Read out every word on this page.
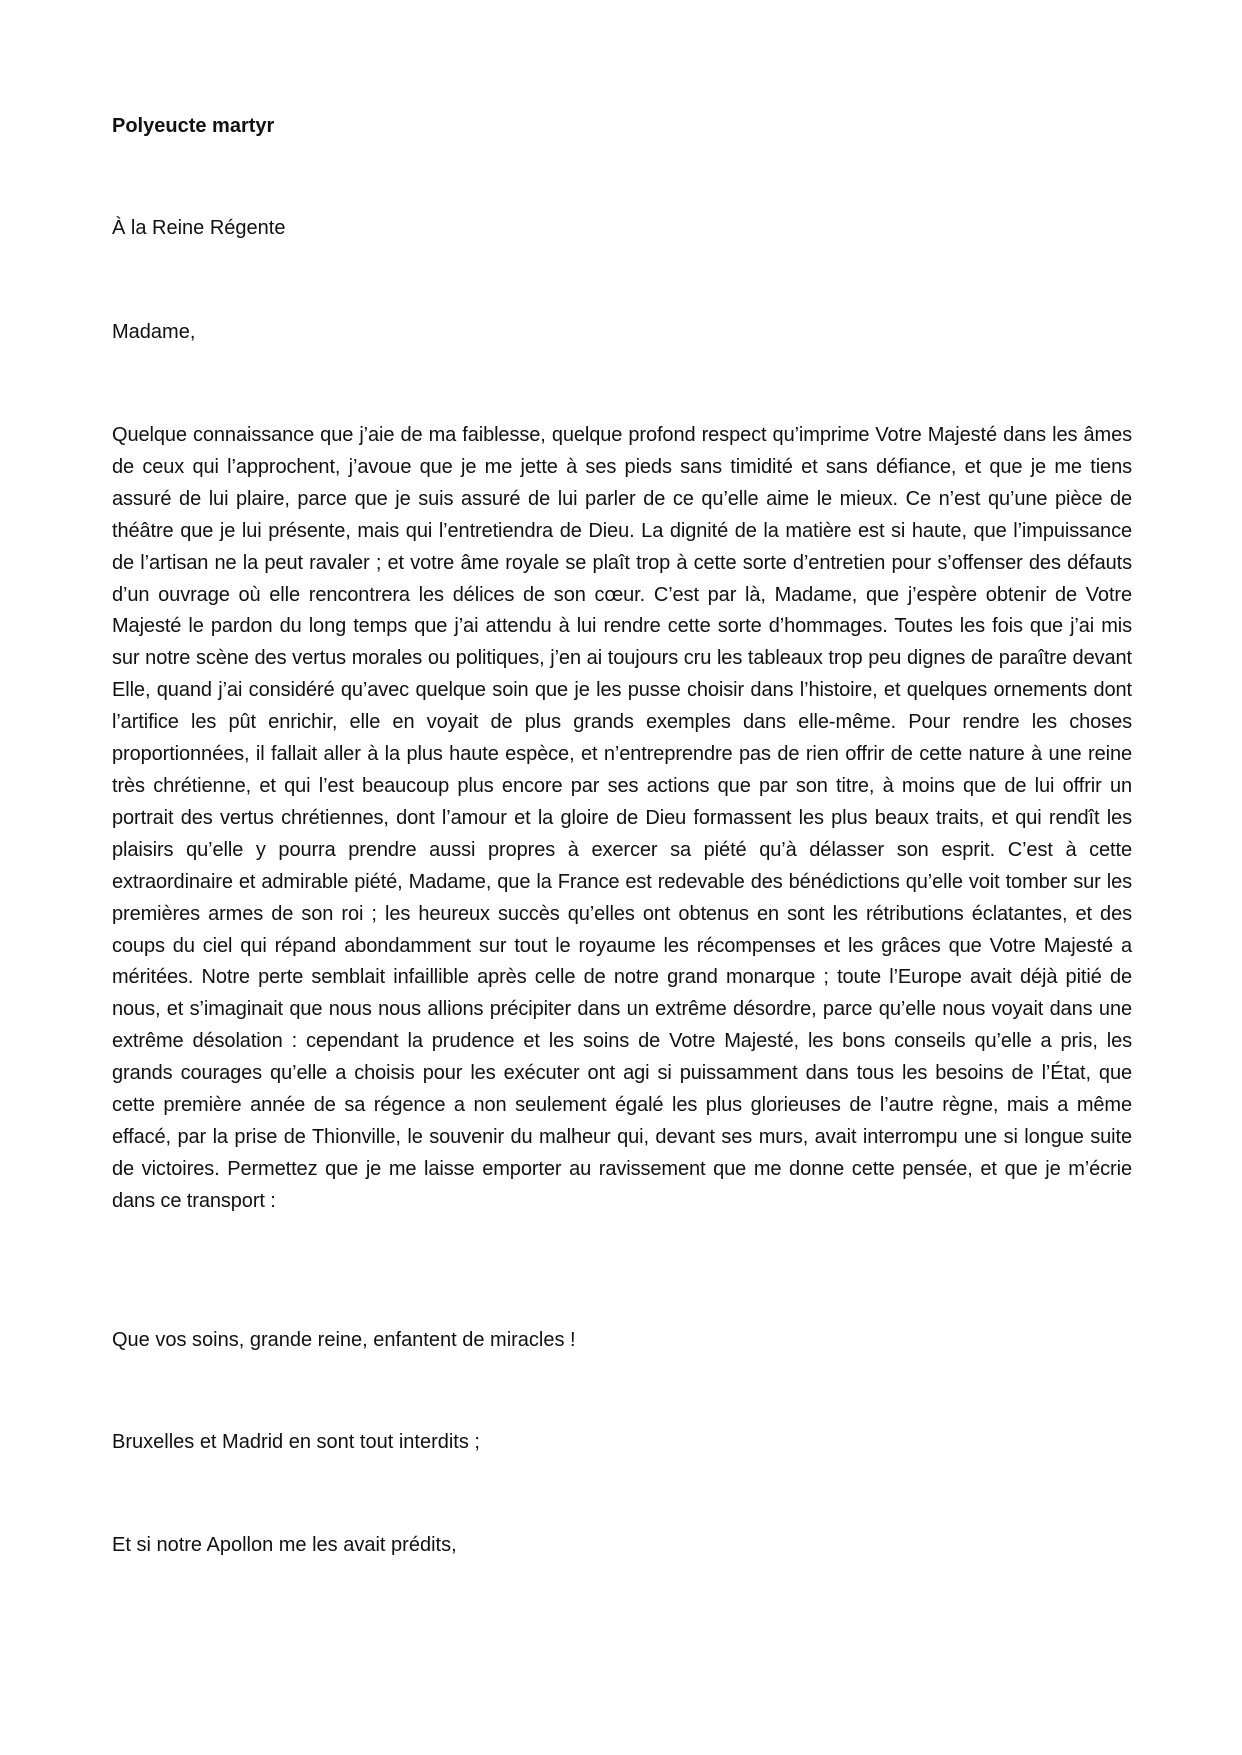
Polyeucte martyr

À la Reine Régente

Madame,

Quelque connaissance que j’aie de ma faiblesse, quelque profond respect qu’imprime Votre Majesté dans les âmes de ceux qui l’approchent, j’avoue que je me jette à ses pieds sans timidité et sans défiance, et que je me tiens assuré de lui plaire, parce que je suis assuré de lui parler de ce qu’elle aime le mieux. Ce n’est qu’une pièce de théâtre que je lui présente, mais qui l’entretiendra de Dieu. La dignité de la matière est si haute, que l’impuissance de l’artisan ne la peut ravaler ; et votre âme royale se plaît trop à cette sorte d’entretien pour s’offenser des défauts d’un ouvrage où elle rencontrera les délices de son cœur. C’est par là, Madame, que j’espère obtenir de Votre Majesté le pardon du long temps que j’ai attendu à lui rendre cette sorte d’hommages. Toutes les fois que j’ai mis sur notre scène des vertus morales ou politiques, j’en ai toujours cru les tableaux trop peu dignes de paraître devant Elle, quand j’ai considéré qu’avec quelque soin que je les pusse choisir dans l’histoire, et quelques ornements dont l’artifice les pût enrichir, elle en voyait de plus grands exemples dans elle-même. Pour rendre les choses proportionnées, il fallait aller à la plus haute espèce, et n’entreprendre pas de rien offrir de cette nature à une reine très chrétienne, et qui l’est beaucoup plus encore par ses actions que par son titre, à moins que de lui offrir un portrait des vertus chrétiennes, dont l’amour et la gloire de Dieu formassent les plus beaux traits, et qui rendît les plaisirs qu’elle y pourra prendre aussi propres à exercer sa piété qu’à délasser son esprit. C’est à cette extraordinaire et admirable piété, Madame, que la France est redevable des bénédictions qu’elle voit tomber sur les premières armes de son roi ; les heureux succès qu’elles ont obtenus en sont les rétributions éclatantes, et des coups du ciel qui répand abondamment sur tout le royaume les récompenses et les grâces que Votre Majesté a méritées. Notre perte semblait infaillible après celle de notre grand monarque ; toute l’Europe avait déjà pitié de nous, et s’imaginait que nous nous allions précipiter dans un extrême désordre, parce qu’elle nous voyait dans une extrême désolation : cependant la prudence et les soins de Votre Majesté, les bons conseils qu’elle a pris, les grands courages qu’elle a choisis pour les exécuter ont agi si puissamment dans tous les besoins de l’État, que cette première année de sa régence a non seulement égalé les plus glorieuses de l’autre règne, mais a même effacé, par la prise de Thionville, le souvenir du malheur qui, devant ses murs, avait interrompu une si longue suite de victoires. Permettez que je me laisse emporter au ravissement que me donne cette pensée, et que je m’écrie dans ce transport :

Que vos soins, grande reine, enfantent de miracles !

Bruxelles et Madrid en sont tout interdits ;

Et si notre Apollon me les avait prédits,
